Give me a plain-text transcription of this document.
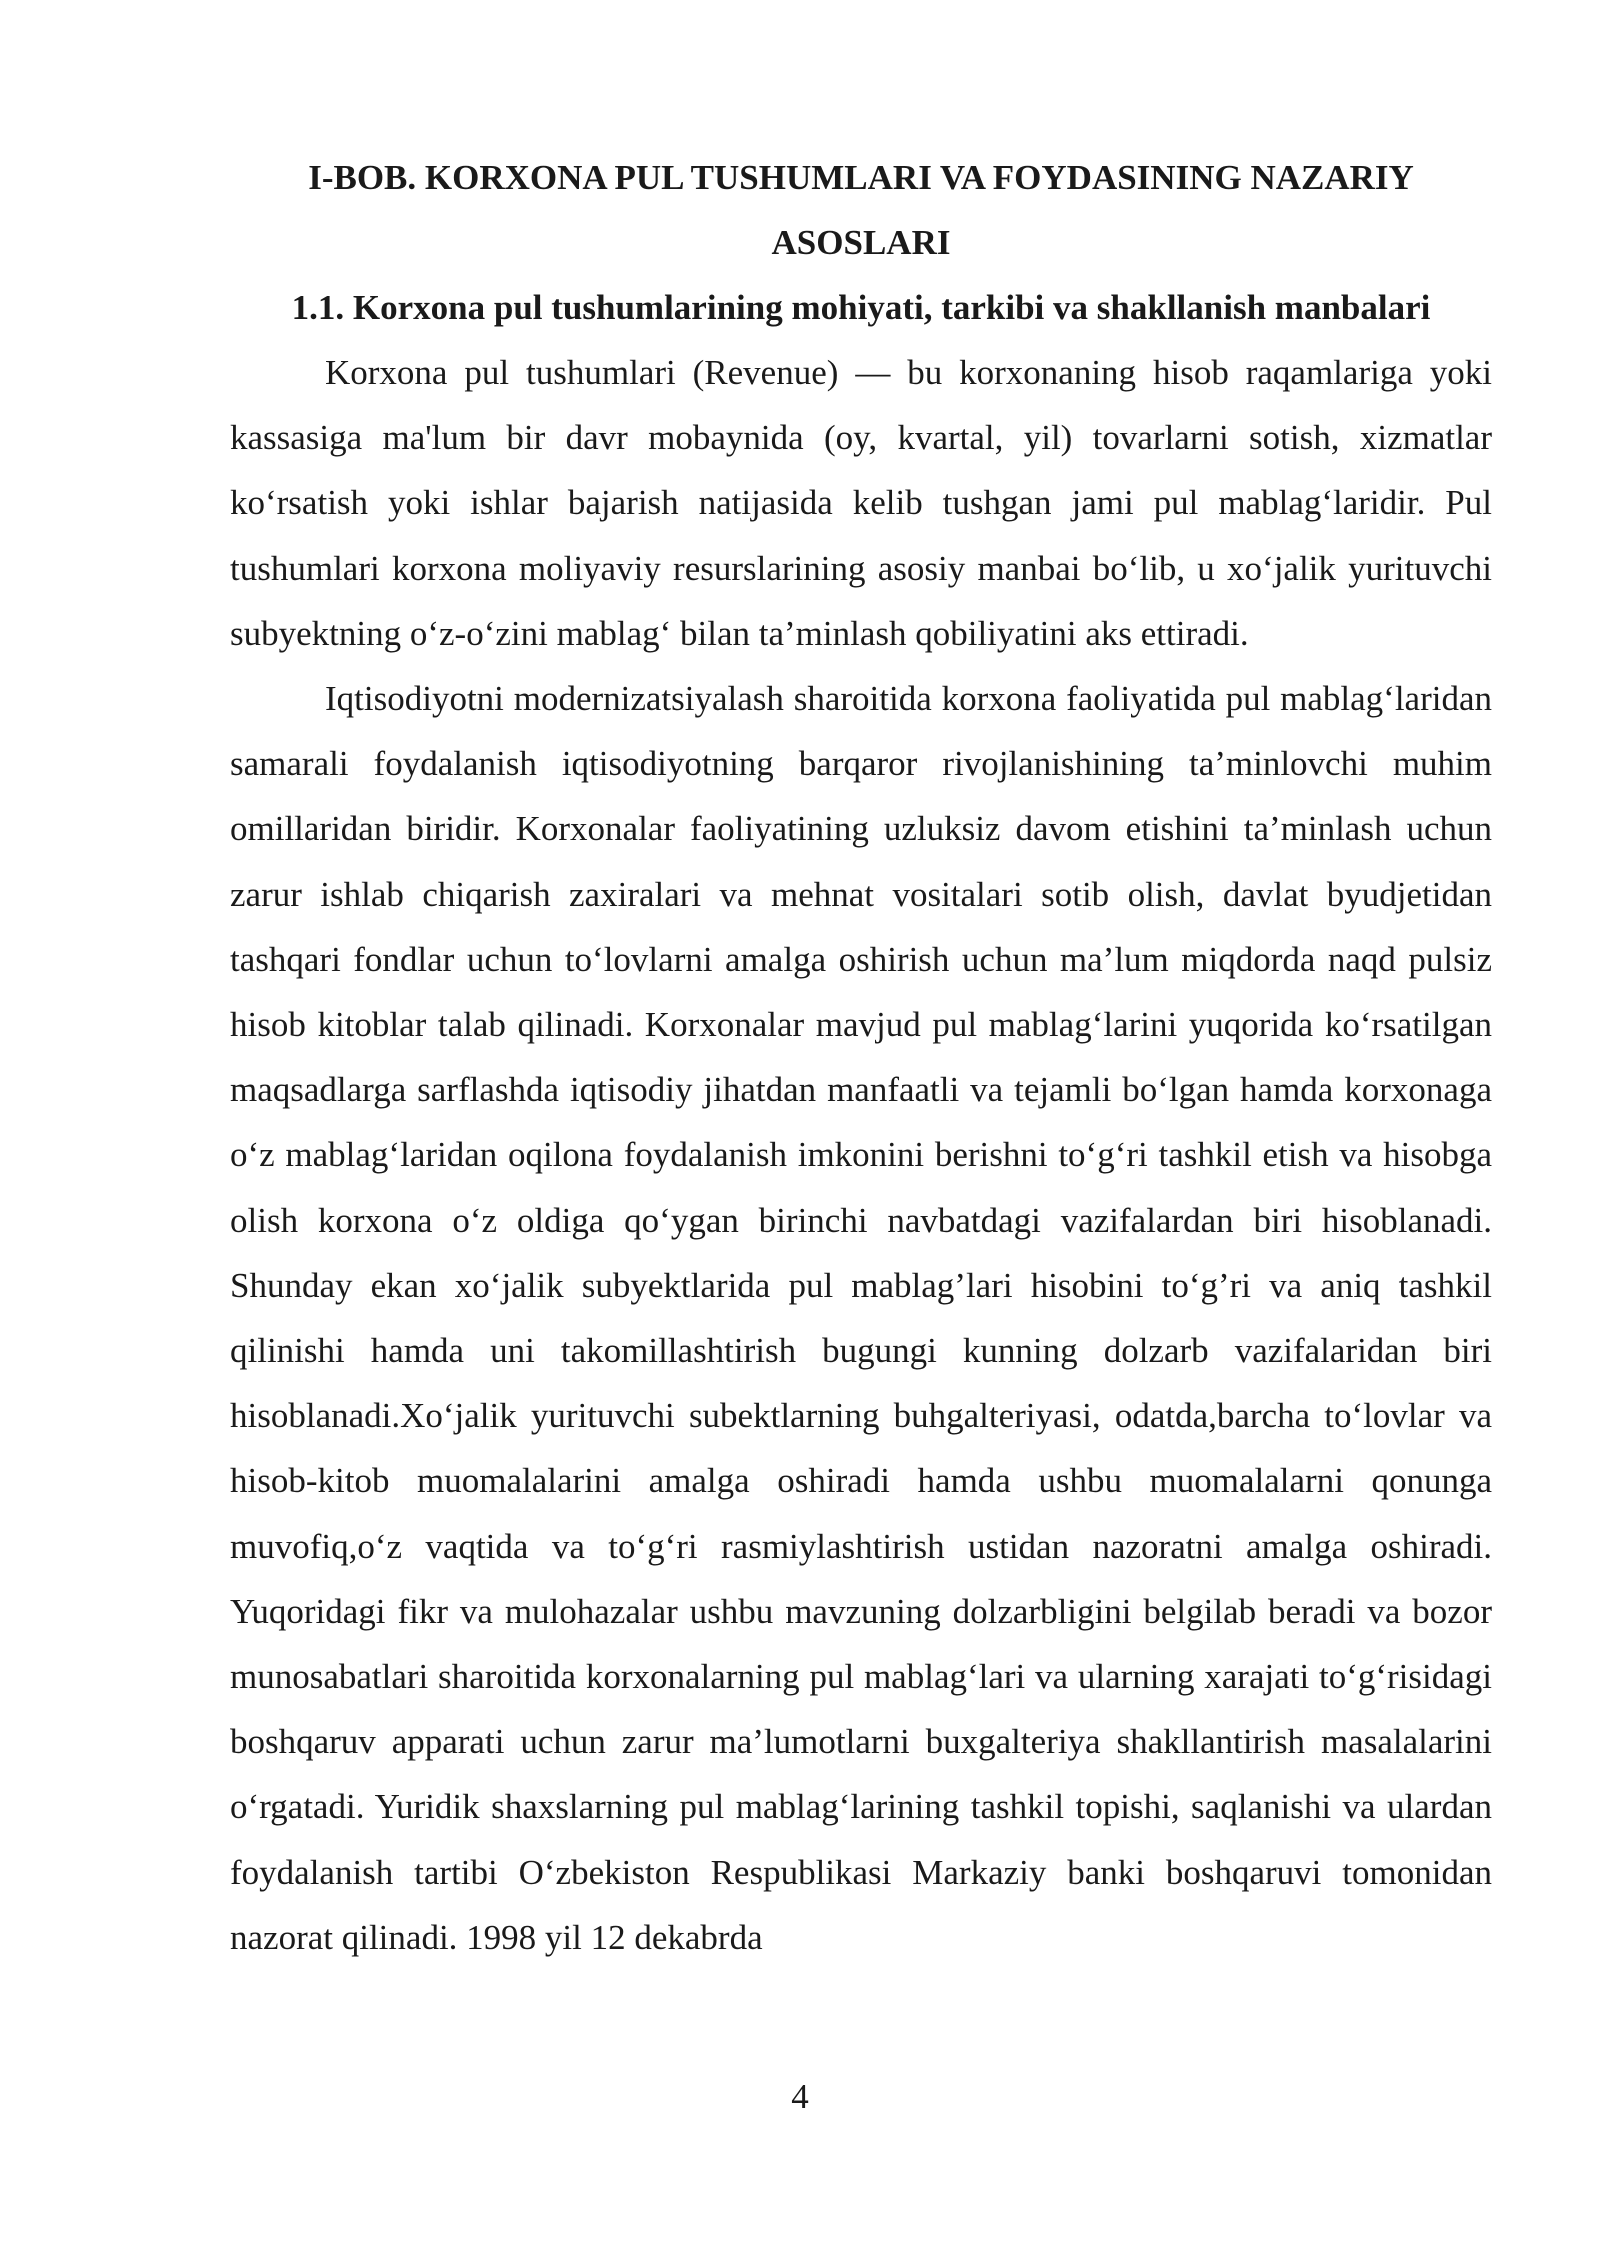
I-BOB. KORXONA PUL TUSHUMLARI VA FOYDASINING NAZARIY ASOSLARI
1.1. Korxona pul tushumlarining mohiyati, tarkibi va shakllanish manbalari

Korxona pul tushumlari (Revenue) — bu korxonaning hisob raqamlariga yoki kassasiga ma'lum bir davr mobaynida (oy, kvartal, yil) tovarlarni sotish, xizmatlar ko‘rsatish yoki ishlar bajarish natijasida kelib tushgan jami pul mablag‘laridir. Pul tushumlari korxona moliyaviy resurslarining asosiy manbai bo‘lib, u xo‘jalik yurituvchi subyektning o‘z-o‘zini mablag‘ bilan ta’minlash qobiliyatini aks ettiradi.

Iqtisodiyotni modernizatsiyalash sharoitida korxona faoliyatida pul mablag‘laridan samarali foydalanish iqtisodiyotning barqaror rivojlanishining ta’minlovchi muhim omillaridan biridir. Korxonalar faoliyatining uzluksiz davom etishini ta’minlash uchun zarur ishlab chiqarish zaxiralari va mehnat vositalari sotib olish, davlat byudjetidan tashqari fondlar uchun to‘lovlarni amalga oshirish uchun ma’lum miqdorda naqd pulsiz hisob kitoblar talab qilinadi. Korxonalar mavjud pul mablag‘larini yuqorida ko‘rsatilgan maqsadlarga sarflashda iqtisodiy jihatdan manfaatli va tejamli bo‘lgan hamda korxonaga o‘z mablag‘laridan oqilona foydalanish imkonini berishni to‘g‘ri tashkil etish va hisobga olish korxona o‘z oldiga qo‘ygan birinchi navbatdagi vazifalardan biri hisoblanadi. Shunday ekan xo‘jalik subyektlarida pul mablag’lari hisobini to‘g’ri va aniq tashkil qilinishi hamda uni takomillashtirish bugungi kunning dolzarb vazifalaridan biri hisoblanadi.Xo‘jalik yurituvchi subektlarning buhgalteriyasi, odatda,barcha to‘lovlar va hisob-kitob muomalalarini amalga oshiradi hamda ushbu muomalalarni qonunga muvofiq,o‘z vaqtida va to‘g‘ri rasmiylashtirish ustidan nazoratni amalga oshiradi. Yuqoridagi fikr va mulohazalar ushbu mavzuning dolzarbligini belgilab beradi va bozor munosabatlari sharoitida korxonalarning pul mablag‘lari va ularning xarajati to‘g‘risidagi boshqaruv apparati uchun zarur ma’lumotlarni buxgalteriya shakllantirish masalalarini o‘rgatadi. Yuridik shaxslarning pul mablag‘larining tashkil topishi, saqlanishi va ulardan foydalanish tartibi O‘zbekiston Respublikasi Markaziy banki boshqaruvi tomonidan nazorat qilinadi. 1998 yil 12 dekabrda

4
